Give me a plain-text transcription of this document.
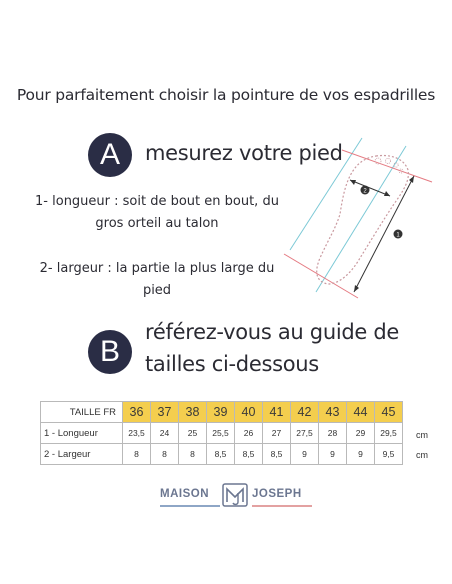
Pour parfaitement choisir la pointure de vos espadrilles
A	mesurez votre pied
1- longueur : soit de bout en bout, du gros orteil au talon
2- largeur : la partie la plus large du pied
2
1
B
référez-vous au guide de
tailles ci-dessous
TAILLE FR	36	37	38	39	40	41	42	43	44	45
1 - Longueur	23,5	24	25	25,5	26	27	27,5	28	29	29,5
2 - Largeur	8	8	8	8,5	8,5	8,5	9	9	9	9,5
cm
cm
MAISON	JOSEPH
